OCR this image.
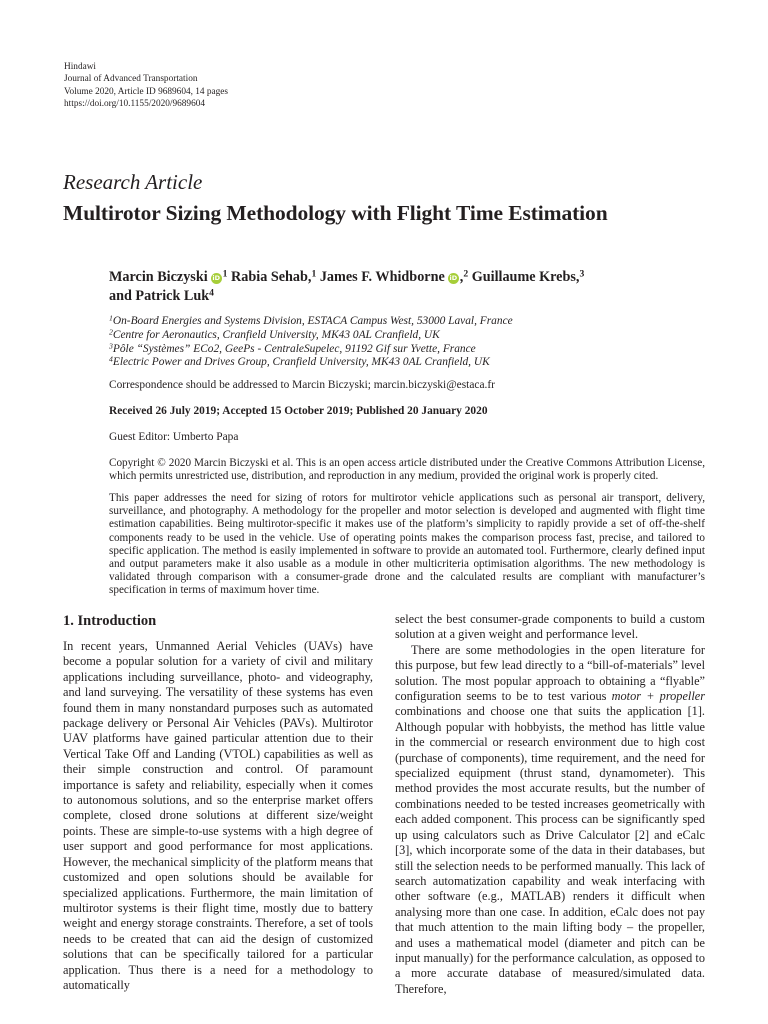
Hindawi
Journal of Advanced Transportation
Volume 2020, Article ID 9689604, 14 pages
https://doi.org/10.1155/2020/9689604
Research Article
Multirotor Sizing Methodology with Flight Time Estimation
Marcin Biczyski iD $^1$ Rabia Sehab,$^1$ James F. Whidborne iD ,$^2$ Guillaume Krebs,$^3$
and Patrick Luk$^4$
$^1$On-Board Energies and Systems Division, ESTACA Campus West, 53000 Laval, France
$^2$Centre for Aeronautics, Cranfield University, MK43 0AL Cranfield, UK
$^3$Pôle “Systèmes” ECo2, GeePs - CentraleSupelec, 91192 Gif sur Yvette, France
$^4$Electric Power and Drives Group, Cranfield University, MK43 0AL Cranfield, UK
Correspondence should be addressed to Marcin Biczyski; marcin.biczyski@estaca.fr
Received 26 July 2019; Accepted 15 October 2019; Published 20 January 2020
Guest Editor: Umberto Papa
Copyright © 2020 Marcin Biczyski et al. This is an open access article distributed under the Creative Commons Attribution License, which permits unrestricted use, distribution, and reproduction in any medium, provided the original work is properly cited.
This paper addresses the need for sizing of rotors for multirotor vehicle applications such as personal air transport, delivery, surveillance, and photography. A methodology for the propeller and motor selection is developed and augmented with flight time estimation capabilities. Being multirotor-specific it makes use of the platform’s simplicity to rapidly provide a set of off-the-shelf components ready to be used in the vehicle. Use of operating points makes the comparison process fast, precise, and tailored to specific application. The method is easily implemented in software to provide an automated tool. Furthermore, clearly defined input and output parameters make it also usable as a module in other multicriteria optimisation algorithms. The new methodology is validated through comparison with a consumer-grade drone and the calculated results are compliant with manufacturer’s specification in terms of maximum hover time.
1. Introduction

In recent years, Unmanned Aerial Vehicles (UAVs) have become a popular solution for a variety of civil and military applications including surveillance, photo- and videography, and land surveying. The versatility of these systems has even found them in many nonstandard purposes such as automated package delivery or Personal Air Vehicles (PAVs). Multirotor UAV platforms have gained particular attention due to their Vertical Take Off and Landing (VTOL) capabilities as well as their simple construction and control. Of paramount importance is safety and reliability, especially when it comes to autonomous solutions, and so the enterprise market offers complete, closed drone solutions at different size/weight points. These are simple-to-use systems with a high degree of user support and good performance for most applications. However, the mechanical simplicity of the platform means that customized and open solutions should be available for specialized applications. Furthermore, the main limitation of multirotor systems is their flight time, mostly due to battery weight and energy storage constraints. Therefore, a set of tools needs to be created that can aid the design of customized solutions that can be specifically tailored for a particular application. Thus there is a need for a methodology to automatically

select the best consumer-grade components to build a custom solution at a given weight and performance level.

There are some methodologies in the open literature for this purpose, but few lead directly to a “bill-of-materials” level solution. The most popular approach to obtaining a “flyable” configuration seems to be to test various motor + propeller combinations and choose one that suits the application [1]. Although popular with hobbyists, the method has little value in the commercial or research environment due to high cost (purchase of components), time requirement, and the need for specialized equipment (thrust stand, dynamometer). This method provides the most accurate results, but the number of combinations needed to be tested increases geometrically with each added component. This process can be significantly sped up using calculators such as Drive Calculator [2] and eCalc [3], which incorporate some of the data in their databases, but still the selection needs to be performed manually. This lack of search automatization capability and weak interfacing with other software (e.g., MATLAB) renders it difficult when analysing more than one case. In addition, eCalc does not pay that much attention to the main lifting body – the propeller, and uses a mathematical model (diameter and pitch can be input manually) for the performance calculation, as opposed to a more accurate database of measured/simulated data. Therefore,
